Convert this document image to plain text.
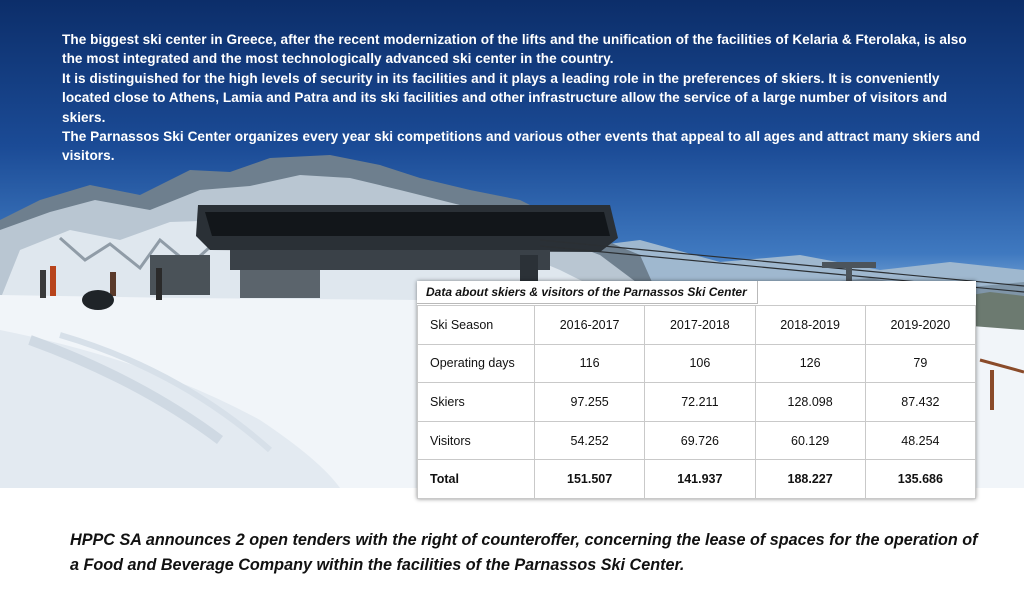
The biggest ski center in Greece, after the recent modernization of the lifts and the unification of the facilities of Kelaria & Fterolaka, is also the most integrated and the most technologically advanced ski center in the country.

It is distinguished for the high levels of security in its facilities and it plays a leading role in the preferences of skiers. It is conveniently located close to Athens, Lamia and Patra and its ski facilities and other infrastructure allow the service of a large number of visitors and skiers.

The Parnassos Ski Center organizes every year ski competitions and various other events that appeal to all ages and attract many skiers and visitors.

Ski Season	2016-2017	2017-2018	2018-2019	2019-2020
Operating days	116	106	126	79
Skiers	97.255	72.211	128.098	87.432
Visitors	54.252	69.726	60.129	48.254
Total	151.507	141.937	188.227	135.686
Data about skiers & visitors of the Parnassos Ski Center

HPPC SA announces 2 open tenders with the right of counteroffer, concerning the lease of spaces for the operation of a Food and Beverage Company within the facilities of the Parnassos Ski Center.
